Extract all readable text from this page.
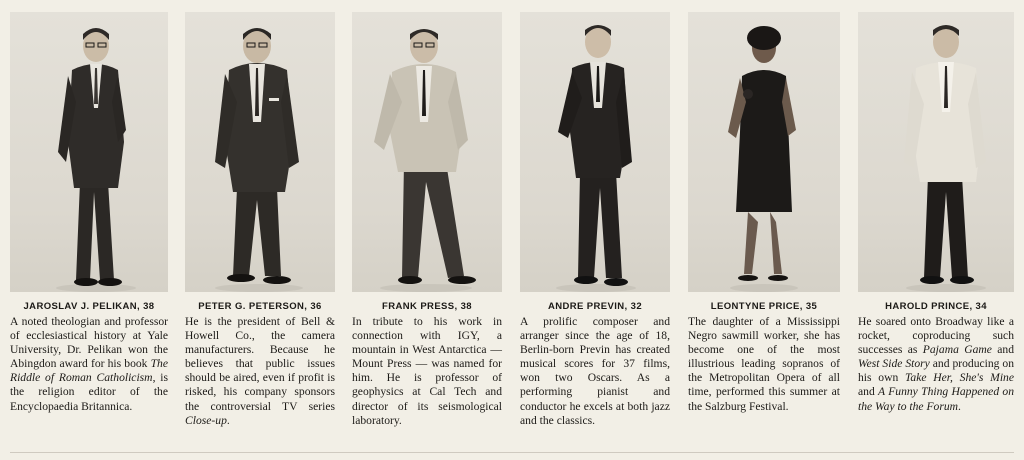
JAROSLAV J. PELIKAN, 38
A noted theologian and professor of ecclesiastical history at Yale University, Dr. Pelikan won the Abingdon award for his book The Riddle of Roman Catholicism, is the religion editor of the Encyclopaedia Britannica.
PETER G. PETERSON, 36
He is the president of Bell & Howell Co., the camera manufacturers. Because he believes that public issues should be aired, even if profit is risked, his company sponsors the controversial TV series Close-up.
FRANK PRESS, 38
In tribute to his work in connection with IGY, a mountain in West Antarctica — Mount Press — was named for him. He is professor of geophysics at Cal Tech and director of its seismological laboratory.
ANDRE PREVIN, 32
A prolific composer and arranger since the age of 18, Berlin-born Previn has created musical scores for 37 films, won two Oscars. As a performing pianist and conductor he excels at both jazz and the classics.
LEONTYNE PRICE, 35
The daughter of a Mississippi Negro sawmill worker, she has become one of the most illustrious leading sopranos of the Metropolitan Opera of all time, performed this summer at the Salzburg Festival.
HAROLD PRINCE, 34
He soared onto Broadway like a rocket, coproducing such successes as Pajama Game and West Side Story and producing on his own Take Her, She's Mine and A Funny Thing Happened on the Way to the Forum.
